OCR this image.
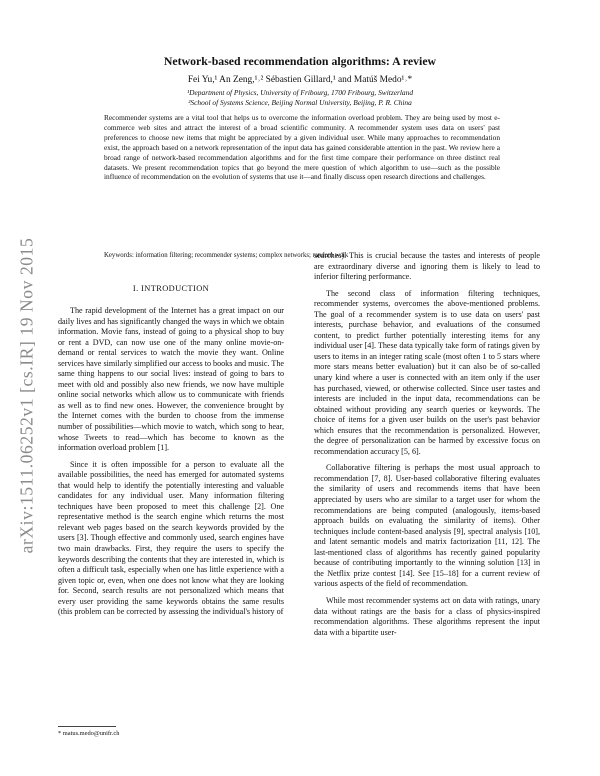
arXiv:1511.06252v1 [cs.IR] 19 Nov 2015
Network-based recommendation algorithms: A review
Fei Yu,¹ An Zeng,¹˒² Sébastien Gillard,¹ and Matúš Medo¹˒*
¹Department of Physics, University of Fribourg, 1700 Fribourg, Switzerland
²School of Systems Science, Beijing Normal University, Beijing, P. R. China

Recommender systems are a vital tool that helps us to overcome the information overload problem. They are being used by most e-commerce web sites and attract the interest of a broad scientific community. A recommender system uses data on users' past preferences to choose new items that might be appreciated by a given individual user. While many approaches to recommendation exist, the approach based on a network representation of the input data has gained considerable attention in the past. We review here a broad range of network-based recommendation algorithms and for the first time compare their performance on three distinct real datasets. We present recommendation topics that go beyond the mere question of which algorithm to use—such as the possible influence of recommendation on the evolution of systems that use it—and finally discuss open research directions and challenges.

Keywords: information filtering; recommender systems; complex networks; random walk
I. INTRODUCTION

The rapid development of the Internet has a great impact on our daily lives and has significantly changed the ways in which we obtain information. Movie fans, instead of going to a physical shop to buy or rent a DVD, can now use one of the many online movie-on-demand or rental services to watch the movie they want. Online services have similarly simplified our access to books and music. The same thing happens to our social lives: instead of going to bars to meet with old and possibly also new friends, we now have multiple online social networks which allow us to communicate with friends as well as to find new ones. However, the convenience brought by the Internet comes with the burden to choose from the immense number of possibilities—which movie to watch, which song to hear, whose Tweets to read—which has become to known as the information overload problem [1].

Since it is often impossible for a person to evaluate all the available possibilities, the need has emerged for automated systems that would help to identify the potentially interesting and valuable candidates for any individual user. Many information filtering techniques have been proposed to meet this challenge [2]. One representative method is the search engine which returns the most relevant web pages based on the search keywords provided by the users [3]. Though effective and commonly used, search engines have two main drawbacks. First, they require the users to specify the keywords describing the contents that they are interested in, which is often a difficult task, especially when one has little experience with a given topic or, even, when one does not know what they are looking for. Second, search results are not personalized which means that every user providing the same keywords obtains the same results (this problem can be corrected by assessing the individual's history of

searches). This is crucial because the tastes and interests of people are extraordinary diverse and ignoring them is likely to lead to inferior filtering performance.

The second class of information filtering techniques, recommender systems, overcomes the above-mentioned problems. The goal of a recommender system is to use data on users' past interests, purchase behavior, and evaluations of the consumed content, to predict further potentially interesting items for any individual user [4]. These data typically take form of ratings given by users to items in an integer rating scale (most often 1 to 5 stars where more stars means better evaluation) but it can also be of so-called unary kind where a user is connected with an item only if the user has purchased, viewed, or otherwise collected. Since user tastes and interests are included in the input data, recommendations can be obtained without providing any search queries or keywords. The choice of items for a given user builds on the user's past behavior which ensures that the recommendation is personalized. However, the degree of personalization can be harmed by excessive focus on recommendation accuracy [5, 6].

Collaborative filtering is perhaps the most usual approach to recommendation [7, 8]. User-based collaborative filtering evaluates the similarity of users and recommends items that have been appreciated by users who are similar to a target user for whom the recommendations are being computed (analogously, items-based approach builds on evaluating the similarity of items). Other techniques include content-based analysis [9], spectral analysis [10], and latent semantic models and matrix factorization [11, 12]. The last-mentioned class of algorithms has recently gained popularity because of contributing importantly to the winning solution [13] in the Netflix prize contest [14]. See [15–18] for a current review of various aspects of the field of recommendation.

While most recommender systems act on data with ratings, unary data without ratings are the basis for a class of physics-inspired recommendation algorithms. These algorithms represent the input data with a bipartite user-

* matus.medo@unifr.ch
